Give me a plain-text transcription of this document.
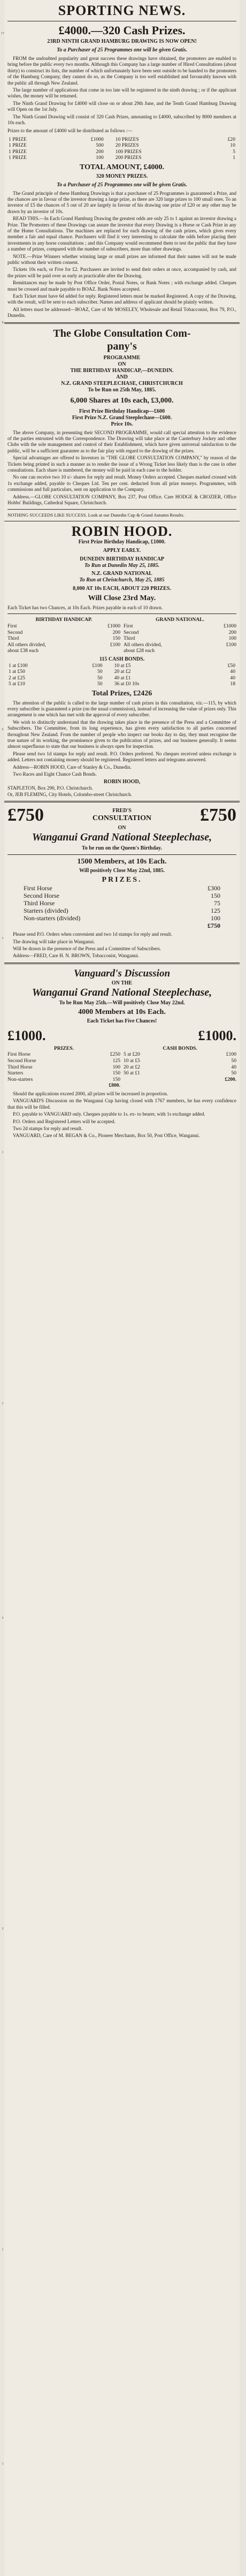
17
9
6
1
1
7
3
2
1
1
SPORTING NEWS.
£4000.—320 Cash Prizes.
23RD NINTH GRAND HAMBURG DRAWING IS NOW OPEN!
To a Purchaser of 25 Programmes one will be given Gratis.

FROM the undoubted popularity and great success these drawings have obtained, the promoters are enabled to bring before the public every two months. Although this Company has a large number of Hired Consultations (about thirty) to construct its lists, the number of which unfortunately have been sent outside to be handed to the promoters of the Hamburg Company, they cannot do so, as the Company is too well established and favourably known with the public all through New Zealand.

The large number of applications that come in too late will be registered in the ninth drawing ; or if the applicant wishes, the money will be returned.

The Ninth Grand Drawing for £4000 will close on or about 29th June, and the Tenth Grand Hamburg Drawing will Open on the 1st July.

The Ninth Grand Drawing will consist of 320 Cash Prizes, amounting to £4000, subscribed by 8000 members at 10s each.

Prizes to the amount of £4000 will be distributed as follows :—
1 PRIZE	£1000	10 PRIZES	£20
1 PRIZE	500	20 PRIZES	10
1 PRIZE	200	100 PRIZES	5
1 PRIZE	100	200 PRIZES	1
TOTAL AMOUNT, £4000.
320 MONEY PRIZES.
To a Purchaser of 25 Programmes one will be given Gratis.

The Grand principle of these Hamburg Drawings is that a purchaser of 25 Programmes is guaranteed a Prize, and the chances are in favour of the investor drawing a large prize, as there are 320 large prizes to 100 small ones. To an investor of £5 the chances of 5 out of 20 are largely in favour of his drawing one prize of £20 or any other may be drawn by an investor of 10s.

READ THIS.—In Each Grand Hamburg Drawing the greatest odds are only 25 to 1 against an investor drawing a Prize. The Promoters of these Drawings can assure the investor that every Drawing is a Horse or Cash Prize in any of the Home Consultations. The machines are replaced for each drawing of the cash prizes, which gives every member a fair and equal chance. Purchasers will find it very interesting to calculate the odds before placing their investments in any horse consultations ; and this Company would recommend them to test the public that they have a number of prizes, compared with the number of subscribers, more than other drawings.

NOTE.—Prize Winners whether winning large or small prizes are informed that their names will not be made public without their written consent.

Tickets 10s each, or Five for £2. Purchasers are invited to send their orders at once, accompanied by cash, and the prizes will be paid over as early as practicable after the Drawing.

Remittances may be made by Post Office Order, Postal Notes, or Bank Notes ; with exchange added. Cheques must be crossed and made payable to BOAZ. Bank Notes accepted.

Each Ticket must have 6d added for reply. Registered letters must be marked Registered. A copy of the Drawing, with the result, will be sent to each subscriber. Names and address of applicant should be plainly written.

All letters must be addressed—BOAZ, Care of Mr MOSELEY, Wholesale and Retail Tobacconist, Box 79, P.O., Dunedin.

The Globe Consultation Com-
pany's
PROGRAMME
ON
THE BIRTHDAY HANDICAP,—DUNEDIN.
AND
N.Z. GRAND STEEPLECHASE, CHRISTCHURCH
To be Run on 25th May, 1885.
6,000 Shares at 10s each, £3,000.
First Prize Birthday Handicap—£600
First Prize N.Z. Grand Steeplechase—£600.
Price 10s.

The above Company, in presenting their SECOND PROGRAMME, would call special attention to the evidence of the parties entrusted with the Correspondence. The Drawing will take place at the Canterbury Jockey and other Clubs with the sole management and control of their Establishment, which have given universal satisfaction to the public, will be a sufficient guarantee as to the fair play with regard to the drawing of the prizes.

Special advantages are offered to Investors in "THE GLOBE CONSULTATION COMPANY," by reason of the Tickets being printed in such a manner as to render the issue of a Wrong Ticket less likely than is the case in other consultations. Each share is numbered, the money will be paid in each case to the holder.

No one can receive two 10 s/- shares for reply and result. Money Orders accepted. Cheques marked crossed with 1s exchange added, payable to Cheques Ltd. Ten per cent. deducted from all prize moneys. Programmes, with commissions and full particulars, sent on application to the Company.

Address.—GLOBE CONSULTATION COMPANY, Box 237, Post Office. Care HODGE & CROZIER, Office Hobbs' Buildings, Cathedral Square, Christchurch.

NOTHING SUCCEEDS LIKE SUCCESS. Look at our Dunedin Cup & Grand Autumn Results.
ROBIN HOOD.
First Prize Birthday Handicap, £1000.
APPLY EARLY.
DUNEDIN BIRTHDAY HANDICAP
To Run at Dunedin May 25, 1885.
N.Z. GRAND NATIONAL
To Run at Christchurch, May 25, 1885
8,000 AT 10s EACH, ABOUT 220 PRIZES.
Will Close 23rd May.
Each Ticket has two Chances, at 10s Each. Prizes payable in each of 10 drawn.
BIRTHDAY HANDICAP.
First	£1000
Second	200
Third	150
All others divided,	£100
about £38 each
GRAND NATIONAL.
First	£1000
Second	200
Third	100
All others divided,	£100
about £28 each
115 CASH BONDS.
1 at £100	£100	10 at £5	£50
1 at £50	50	20 at £2	40
2 at £25	50	40 at £1	40
5 at £10	50	36 at £0 10s	18
Total Prizes, £2426

The attention of the public is called to the large number of cash prizes in this consultation, viz.—115, by which every subscriber is guaranteed a prize (on the usual commission), instead of increasing the value of prizes only. This arrangement is one which has met with the approval of every subscriber.

We wish to distinctly understand that the drawing takes place in the presence of the Press and a Committee of Subscribers. The Committee, from its long experience, has given every satisfaction to all parties concerned throughout New Zealand. From the number of people who inspect our books day to day, they must recognise the true nature of its working, the prominence given to the publication of prizes, and our business generally. It seems almost superfluous to state that our business is always open for inspection.

Please send two 1d stamps for reply and result. P.O. Orders preferred. No cheques received unless exchange is added. Letters not containing money should be registered. Registered letters and telegrams answered.

Address—ROBIN HOOD, Care of Stanley & Co., Dunedin.

Two Races and Eight Chance Cash Bonds.

ROBIN HOOD,
STAPLETON, Box 290, P.O. Christchurch.
Or, JEB FLEMING, City Hotels, Colombo-street Christchurch.
£750	FRED'S
CONSULTATION	£750
ON
Wanganui Grand National Steeplechase,
To be run on the Queen's Birthday.
1500 Members, at 10s Each.
Will positively Close May 22nd, 1885.
PRIZES.
First Horse	£300
Second Horse	150
Third Horse	75
Starters (divided)	125
Non-starters (divided)	100
£750

Please send P.O. Orders when convenient and two 1d stamps for reply and result.

The drawing will take place in Wanganui.

Will be drawn in the presence of the Press and a Committee of Subscribers.

Address—FRED, Care H. N. BROWN, Tobacconist, Wanganui.

Vanguard's Discussion
ON THE
Wanganui Grand National Steeplechase,
To be Run May 25th.—Will positively Close May 22nd.
4000 Members at 10s Each.
Each Ticket has Five Chances!
£1000.	£1000.
PRIZES.
First Horse	£250
Second Horse	125
Third Horse	100
Starters	150
Non-starters	150
£800.
CASH BONDS.
5 at £20	£100
10 at £5	50
20 at £2	40
50 at £1	50
£200.

Should the applications exceed 2000, all prizes will be increased in proportion.

VANGUARD'S Discussion on the Wanganui Cup having closed with 1767 members, he has every confidence that this will be filled.

P.O. payable to VANGUARD only. Cheques payable to 1s. ex- to bearer, with 1s exchange added.

P.O. Orders and Registered Letters will be accepted.

Two 2d stamps for reply and result.

VANGUARD, Care of M. BEGAN & Co., Pioneer Merchants, Box 50, Post Office, Wanganui.
